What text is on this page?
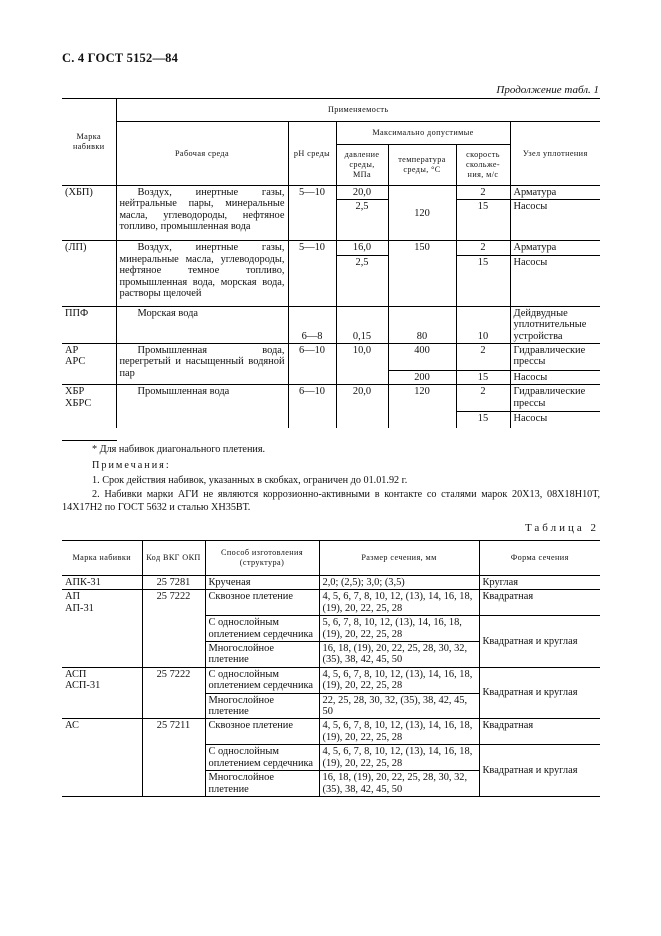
С. 4 ГОСТ 5152—84
Продолжение табл. 1
Марка набивки	Применяемость					
	Рабочая среда	pH среды	Максимально допустимые			Узел уплотнения
			давление среды, МПа	температура среды, °С	скорость скольже-ния, м/с	
(ХБП)	Воздух, инертные газы, нейтральные пары, минеральные масла, углеводороды, нефтяное топливо, промышленная вода	5—10	20,0	120	2	Арматура
			2,5		15	Насосы
(ЛП)	Воздух, инертные газы, минеральные масла, углеводороды, нефтяное темное топливо, промышленная вода, морская вода, растворы щелочей	5—10	16,0	150	2	Арматура
			2,5		15	Насосы
ППФ	Морская вода	6—8	0,15	80	10	Дейдвудные уплотнительные устройства
АР
АРС	Промышленная вода, перегретый и насыщенный водяной пар	6—10	10,0	400	2	Гидравлические прессы
				200	15	Насосы
ХБР
ХБРС	Промышленная вода	6—10	20,0	120	2	Гидравлические прессы
					15	Насосы
* Для набивок диагонального плетения.
Примечания:
1. Срок действия набивок, указанных в скобках, ограничен до 01.01.92 г.
2. Набивки марки АГИ не являются коррозионно-активными в контакте со сталями марок 20Х13, 08Х18Н10Т, 14Х17Н2 по ГОСТ 5632 и сталью ХН35ВТ.
Таблица 2
Марка набивки	Код ВКГ ОКП	Способ изготовления (структура)	Размер сечения, мм	Форма сечения
АПК-31	25 7281	Крученая	2,0; (2,5); 3,0; (3,5)	Круглая
АП
АП-31	25 7222	Сквозное плетение	4, 5, 6, 7, 8, 10, 12, (13), 14, 16, 18, (19), 20, 22, 25, 28	Квадратная
		С однослойным оплетением сердечника	5, 6, 7, 8, 10, 12, (13), 14, 16, 18, (19), 20, 22, 25, 28	Квадратная и круглая
		Многослойное плетение	16, 18, (19), 20, 22, 25, 28, 30, 32, (35), 38, 42, 45, 50	
АСП
АСП-31	25 7222	С однослойным оплетением сердечника	4, 5, 6, 7, 8, 10, 12, (13), 14, 16, 18, (19), 20, 22, 25, 28	Квадратная и круглая
		Многослойное плетение	22, 25, 28, 30, 32, (35), 38, 42, 45, 50	
АС	25 7211	Сквозное плетение	4, 5, 6, 7, 8, 10, 12, (13), 14, 16, 18, (19), 20, 22, 25, 28	Квадратная
		С однослойным оплетением сердечника	4, 5, 6, 7, 8, 10, 12, (13), 14, 16, 18, (19), 20, 22, 25, 28	Квадратная и круглая
		Многослойное плетение	16, 18, (19), 20, 22, 25, 28, 30, 32, (35), 38, 42, 45, 50	
